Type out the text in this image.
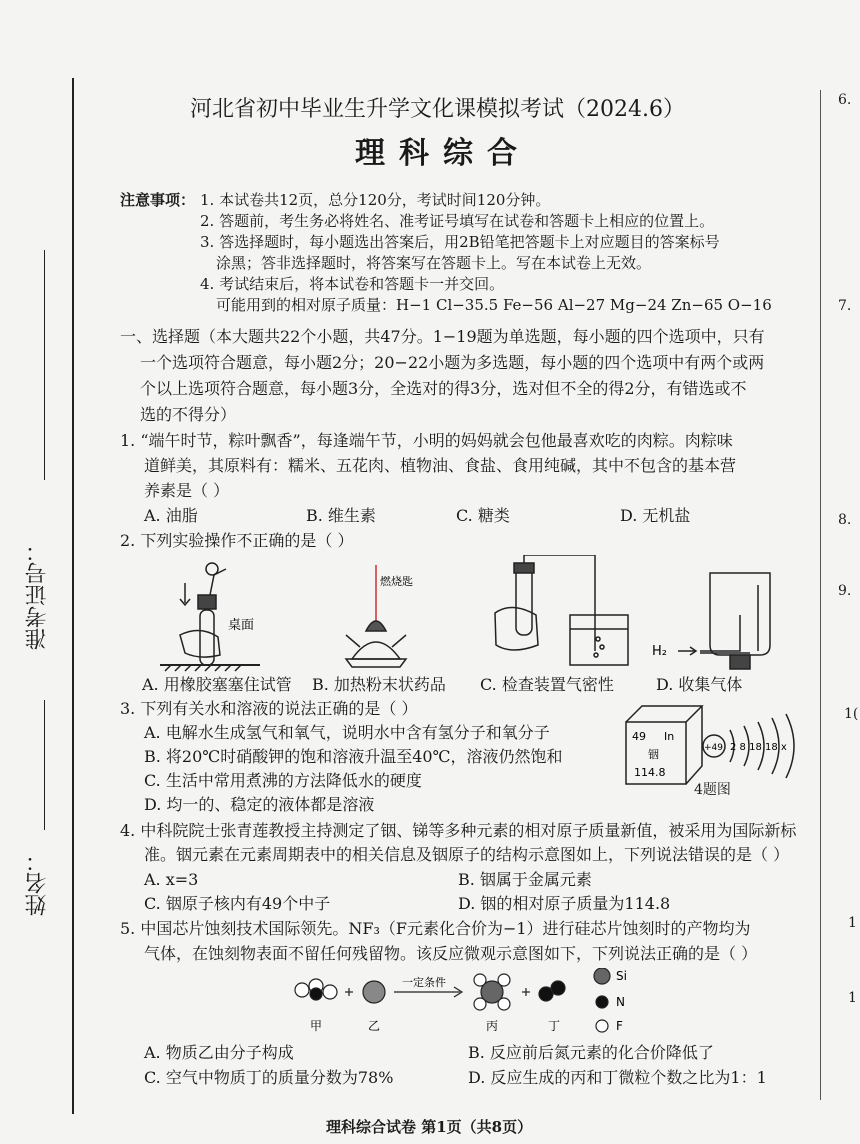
准考证号：
姓名：
6.
7.
8.
9.
1(
1
1
河北省初中毕业生升学文化课模拟考试（2024.6）
理科综合
注意事项： 1. 本试卷共12页，总分120分，考试时间120分钟。
2. 答题前，考生务必将姓名、准考证号填写在试卷和答题卡上相应的位置上。
3. 答选择题时，每小题选出答案后，用2B铅笔把答题卡上对应题目的答案标号
涂黑；答非选择题时，将答案写在答题卡上。写在本试卷上无效。
4. 考试结束后，将本试卷和答题卡一并交回。
可能用到的相对原子质量：H−1 Cl−35.5 Fe−56 Al−27 Mg−24 Zn−65 O−16
一、选择题（本大题共22个小题，共47分。1−19题为单选题，每小题的四个选项中，只有
一个选项符合题意，每小题2分；20−22小题为多选题，每小题的四个选项中有两个或两
个以上选项符合题意，每小题3分，全选对的得3分，选对但不全的得2分，有错选或不
选的不得分）
1. “端午时节，粽叶飘香”，每逢端午节，小明的妈妈就会包他最喜欢吃的肉粽。肉粽味
道鲜美，其原料有：糯米、五花肉、植物油、食盐、食用纯碱，其中不包含的基本营
养素是（ ）
A. 油脂	B. 维生素	C. 糖类	D. 无机盐
2. 下列实验操作不正确的是（ ）
桌面
燃烧匙
H₂
A. 用橡胶塞塞住试管 B. 加热粉末状药品 C. 检查装置气密性	D. 收集气体
3. 下列有关水和溶液的说法正确的是（ ）
A. 电解水生成氢气和氧气，说明水中含有氢分子和氧分子
B. 将20℃时硝酸钾的饱和溶液升温至40℃，溶液仍然饱和
C. 生活中常用煮沸的方法降低水的硬度
D. 均一的、稳定的液体都是溶液
49 In
铟
114.8
+49 2 8 18 18 x
4题图
4. 中科院院士张青莲教授主持测定了铟、锑等多种元素的相对原子质量新值，被采用为国际新标
准。铟元素在元素周期表中的相关信息及铟原子的结构示意图如上，下列说法错误的是（ ）
A. x=3	B. 铟属于金属元素
C. 铟原子核内有49个中子	D. 铟的相对原子质量为114.8
5. 中国芯片蚀刻技术国际领先。NF₃（F元素化合价为−1）进行硅芯片蚀刻时的产物均为
气体，在蚀刻物表面不留任何残留物。该反应微观示意图如下，下列说法正确的是（ ）
一定条件
甲	乙	丙	丁
Si
N
F
A. 物质乙由分子构成	B. 反应前后氮元素的化合价降低了
C. 空气中物质丁的质量分数为78%	D. 反应生成的丙和丁微粒个数之比为1：1
理科综合试卷 第1页（共8页）
